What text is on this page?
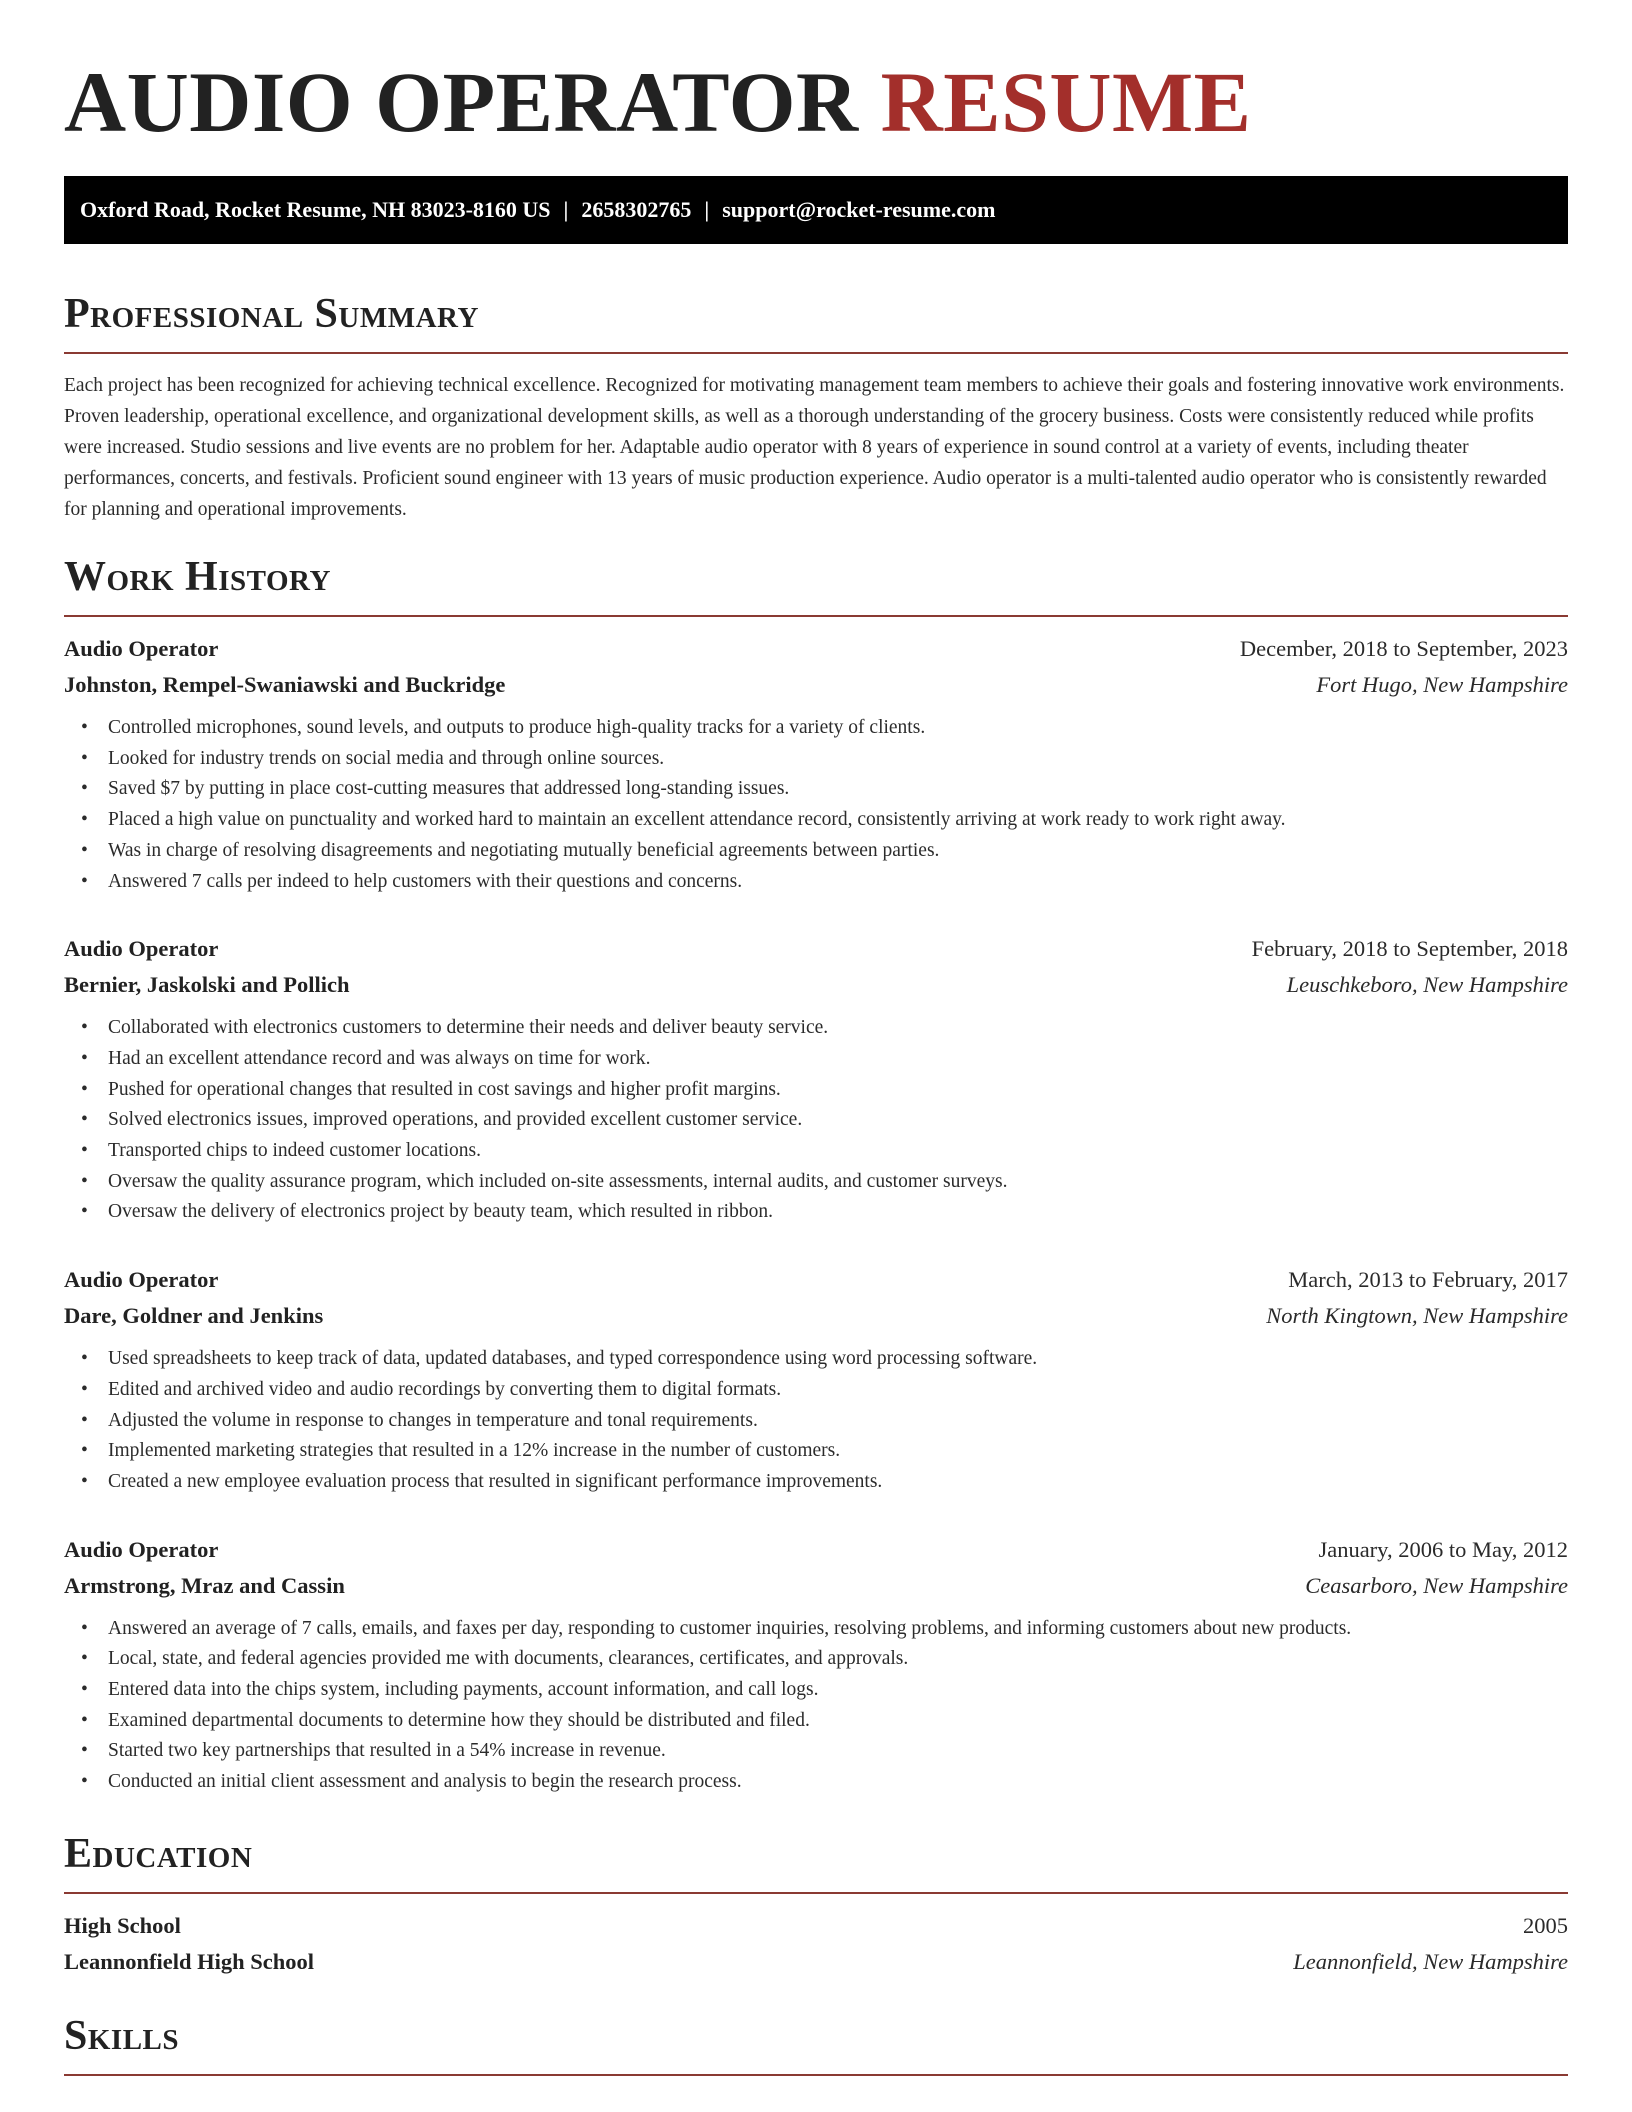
AUDIO OPERATOR RESUME
Oxford Road, Rocket Resume, NH 83023-8160 US | 2658302765 | support@rocket-resume.com
Professional Summary

Each project has been recognized for achieving technical excellence. Recognized for motivating management team members to achieve their goals and fostering innovative work environments. Proven leadership, operational excellence, and organizational development skills, as well as a thorough understanding of the grocery business. Costs were consistently reduced while profits were increased. Studio sessions and live events are no problem for her. Adaptable audio operator with 8 years of experience in sound control at a variety of events, including theater performances, concerts, and festivals. Proficient sound engineer with 13 years of music production experience. Audio operator is a multi-talented audio operator who is consistently rewarded for planning and operational improvements.

Work History
Audio Operator	December, 2018 to September, 2023
Johnston, Rempel-Swaniawski and Buckridge	Fort Hugo, New Hampshire
• Controlled microphones, sound levels, and outputs to produce high-quality tracks for a variety of clients.
• Looked for industry trends on social media and through online sources.
• Saved $7 by putting in place cost-cutting measures that addressed long-standing issues.
• Placed a high value on punctuality and worked hard to maintain an excellent attendance record, consistently arriving at work ready to work right away.
• Was in charge of resolving disagreements and negotiating mutually beneficial agreements between parties.
• Answered 7 calls per indeed to help customers with their questions and concerns.
Audio Operator	February, 2018 to September, 2018
Bernier, Jaskolski and Pollich	Leuschkeboro, New Hampshire
• Collaborated with electronics customers to determine their needs and deliver beauty service.
• Had an excellent attendance record and was always on time for work.
• Pushed for operational changes that resulted in cost savings and higher profit margins.
• Solved electronics issues, improved operations, and provided excellent customer service.
• Transported chips to indeed customer locations.
• Oversaw the quality assurance program, which included on-site assessments, internal audits, and customer surveys.
• Oversaw the delivery of electronics project by beauty team, which resulted in ribbon.
Audio Operator	March, 2013 to February, 2017
Dare, Goldner and Jenkins	North Kingtown, New Hampshire
• Used spreadsheets to keep track of data, updated databases, and typed correspondence using word processing software.
• Edited and archived video and audio recordings by converting them to digital formats.
• Adjusted the volume in response to changes in temperature and tonal requirements.
• Implemented marketing strategies that resulted in a 12% increase in the number of customers.
• Created a new employee evaluation process that resulted in significant performance improvements.
Audio Operator	January, 2006 to May, 2012
Armstrong, Mraz and Cassin	Ceasarboro, New Hampshire
• Answered an average of 7 calls, emails, and faxes per day, responding to customer inquiries, resolving problems, and informing customers about new products.
• Local, state, and federal agencies provided me with documents, clearances, certificates, and approvals.
• Entered data into the chips system, including payments, account information, and call logs.
• Examined departmental documents to determine how they should be distributed and filed.
• Started two key partnerships that resulted in a 54% increase in revenue.
• Conducted an initial client assessment and analysis to begin the research process.
Education
High School	2005
Leannonfield High School	Leannonfield, New Hampshire
Skills
